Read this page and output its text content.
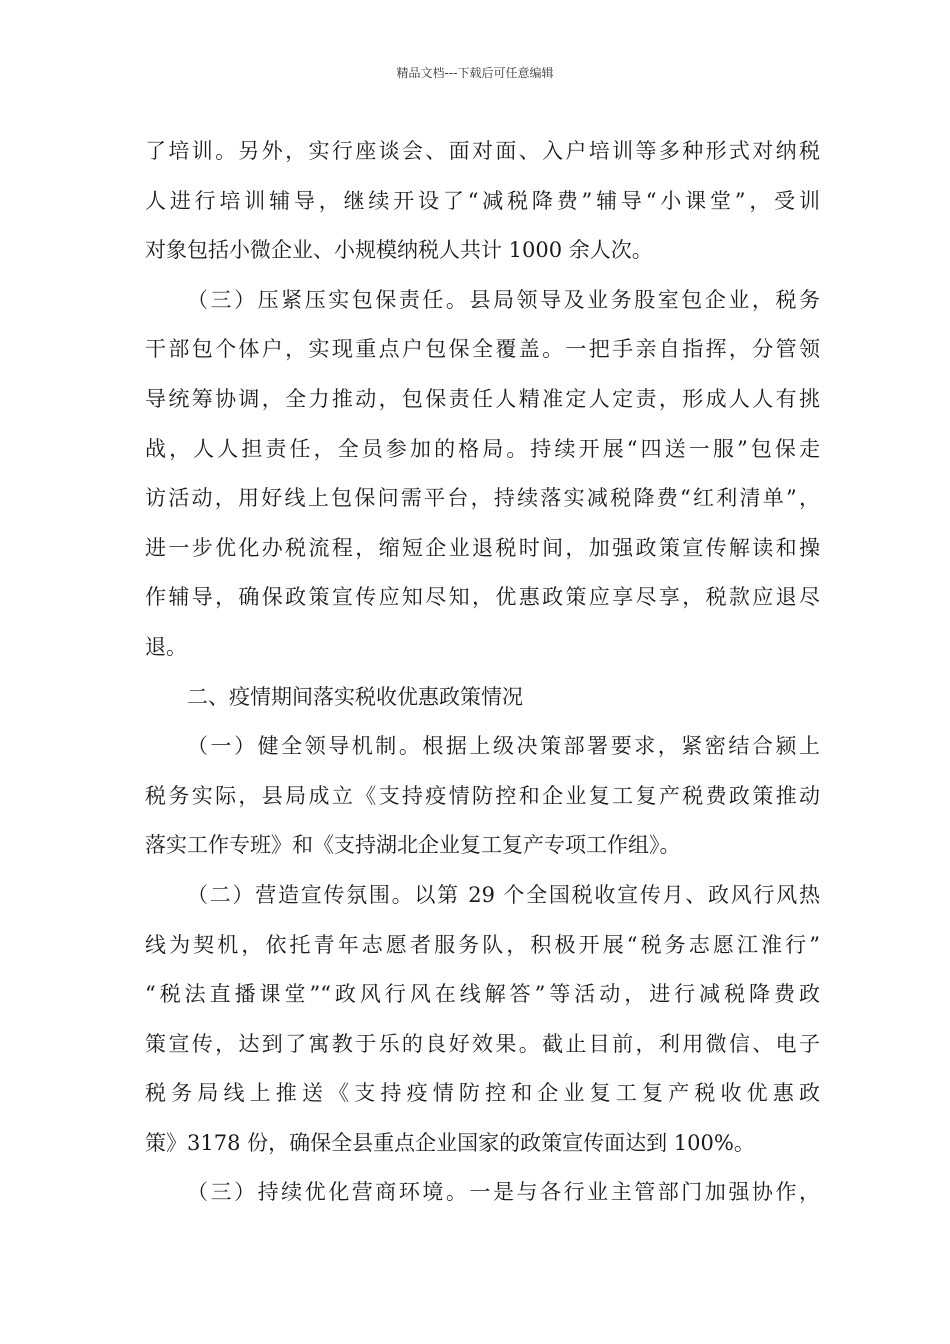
精品文档---下载后可任意编辑
了培训。另外，实行座谈会、面对面、入户培训等多种形式对纳税
人进行培训辅导，继续开设了“减税降费”辅导“小课堂”，受训
对象包括小微企业、小规模纳税人共计 1000 余人次。
（三）压紧压实包保责任。县局领导及业务股室包企业，税务
干部包个体户，实现重点户包保全覆盖。一把手亲自指挥，分管领
导统筹协调，全力推动，包保责任人精准定人定责，形成人人有挑
战，人人担责任，全员参加的格局。持续开展“四送一服”包保走
访活动，用好线上包保问需平台，持续落实减税降费“红利清单”，
进一步优化办税流程，缩短企业退税时间，加强政策宣传解读和操
作辅导，确保政策宣传应知尽知，优惠政策应享尽享，税款应退尽
退。
二、疫情期间落实税收优惠政策情况
（一）健全领导机制。根据上级决策部署要求，紧密结合颍上
税务实际，县局成立《支持疫情防控和企业复工复产税费政策推动
落实工作专班》和《支持湖北企业复工复产专项工作组》。
（二）营造宣传氛围。以第 29 个全国税收宣传月、政风行风热
线为契机，依托青年志愿者服务队，积极开展“税务志愿江淮行”
“税法直播课堂”“政风行风在线解答”等活动，进行减税降费政
策宣传，达到了寓教于乐的良好效果。截止目前，利用微信、电子
税务局线上推送《支持疫情防控和企业复工复产税收优惠政
策》3178 份，确保全县重点企业国家的政策宣传面达到 100%。
（三）持续优化营商环境。一是与各行业主管部门加强协作，
